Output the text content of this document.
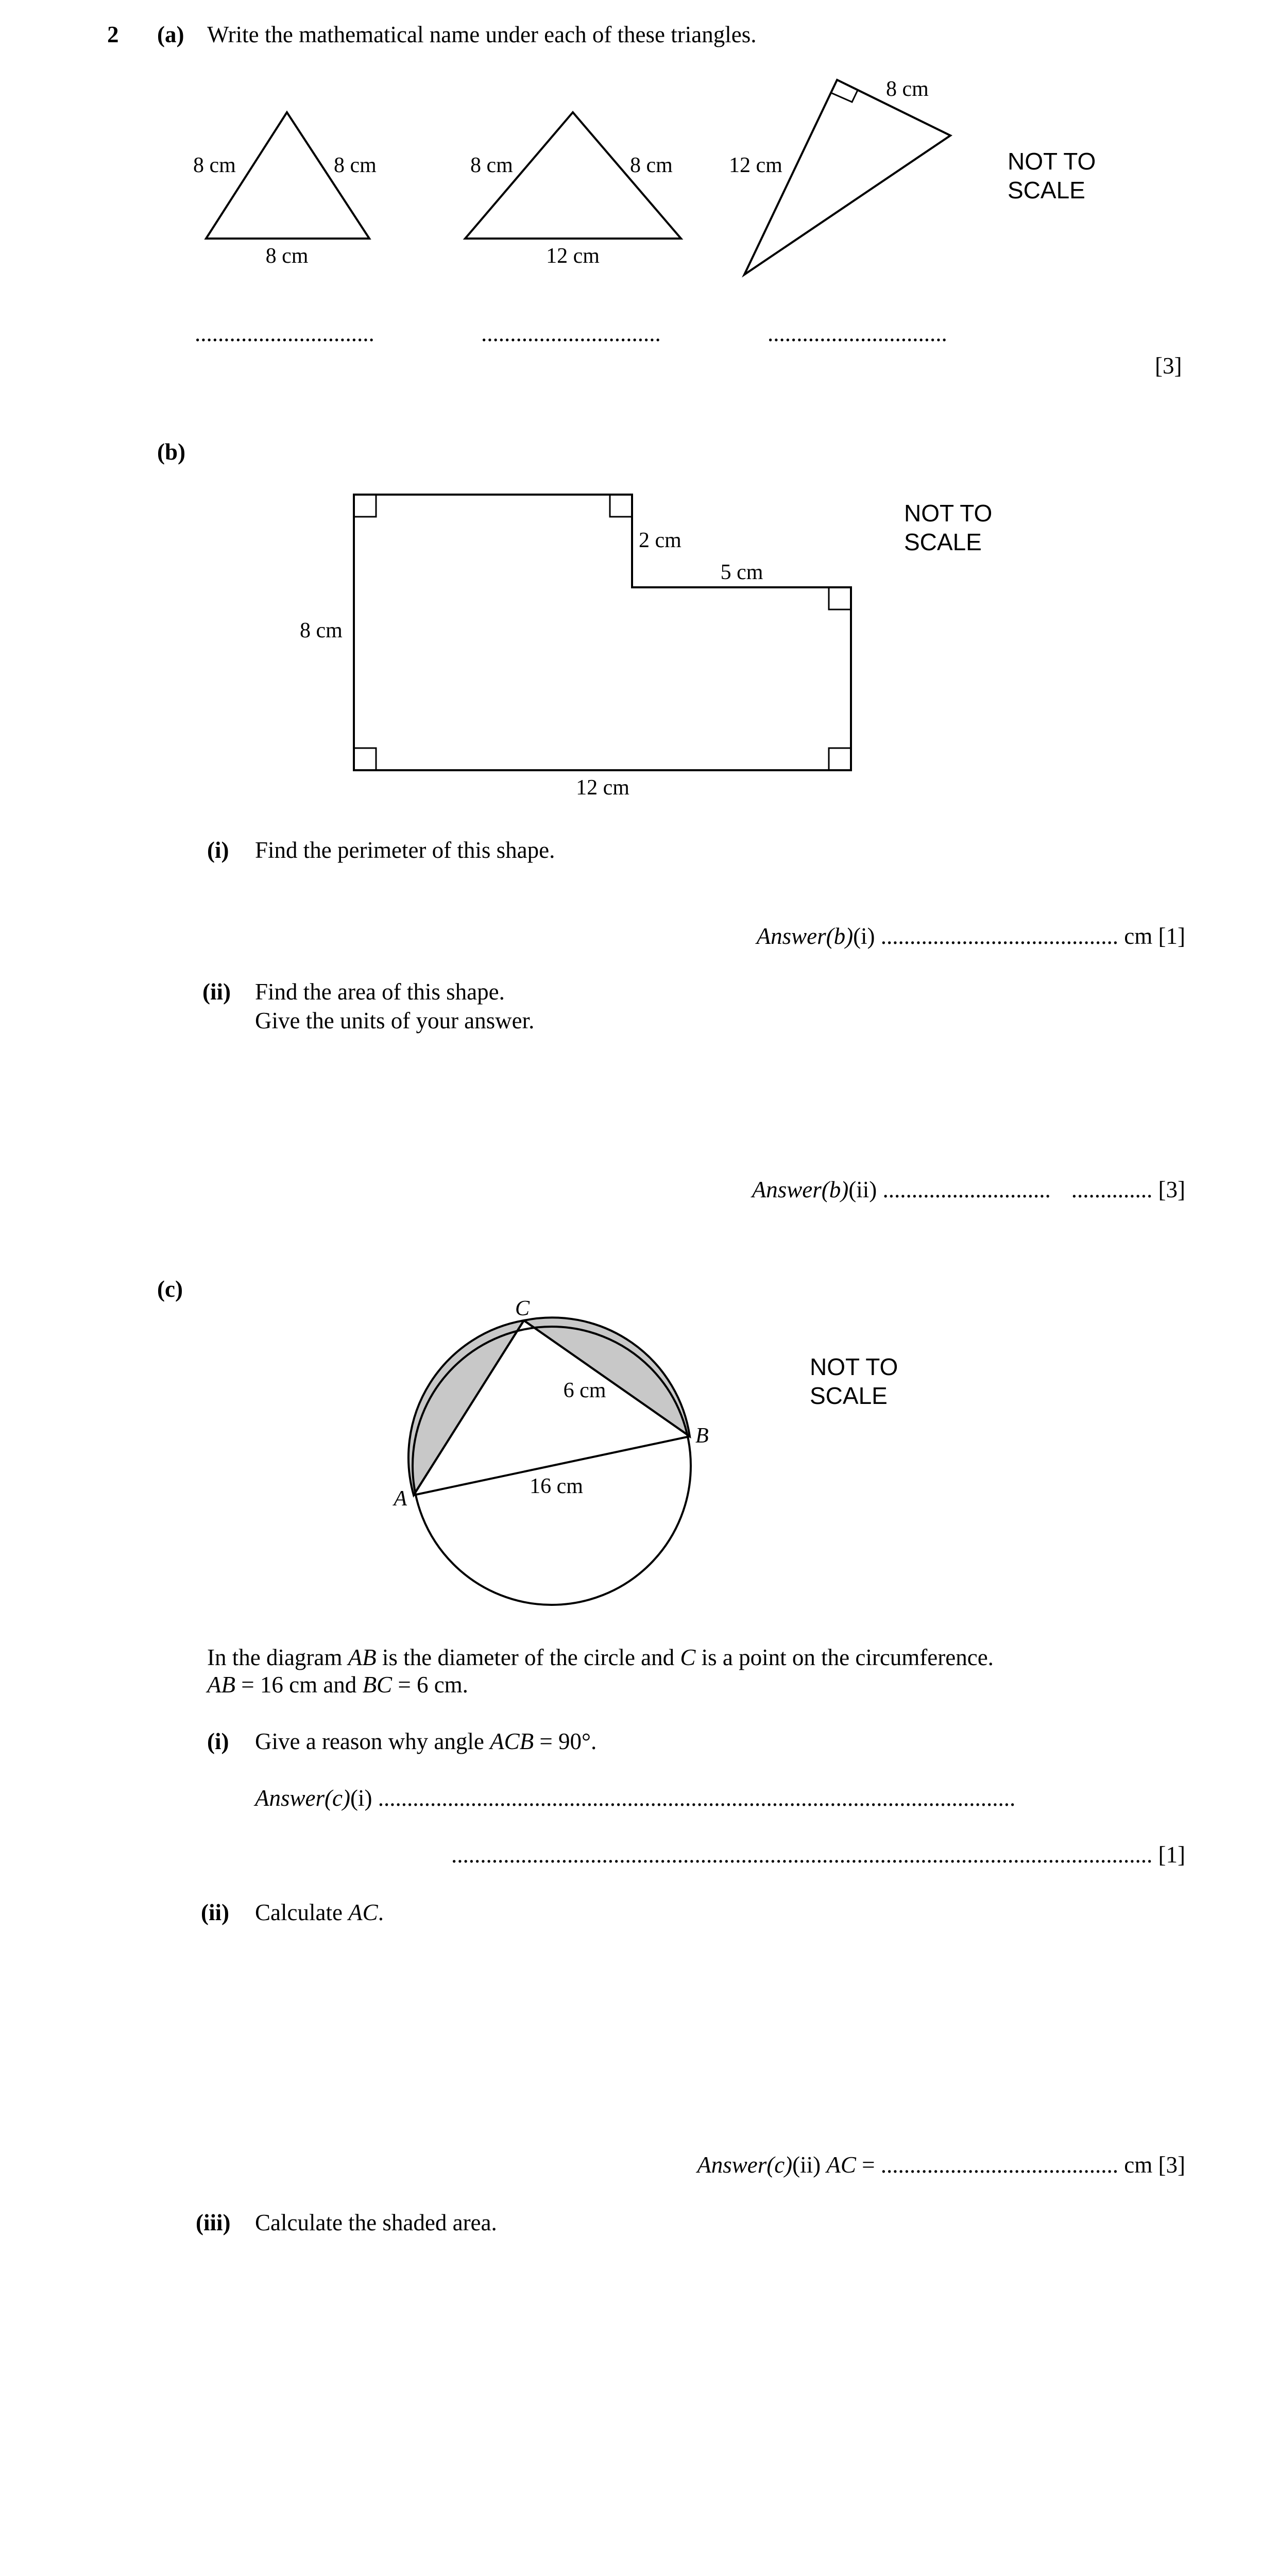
2 (a) Write the mathematical name under each of these triangles.
8 cm	8 cm
8 cm
8 cm	8 cm
12 cm
8 cm
12 cm	NOT TO
SCALE
...............................	...............................	...............................
[3]
(b)
8 cm
2 cm
5 cm
12 cm
NOT TO
SCALE
(i) Find the perimeter of this shape.
Answer(b)(i) ......................................... cm [1]
(ii) Find the area of this shape.
Give the units of your answer.
Answer(b)(ii) ............................. .............. [3]
(c)
C
B
A
6 cm
16 cm
NOT TO
SCALE
In the diagram AB is the diameter of the circle and C is a point on the circumference.
AB = 16 cm and BC = 6 cm.
(i) Give a reason why angle ACB = 90°.
Answer(c)(i) ..............................................................................................................
......................................................................................................................... [1]
(ii) Calculate AC.
Answer(c)(ii) AC = ......................................... cm [3]
(iii) Calculate the shaded area.
